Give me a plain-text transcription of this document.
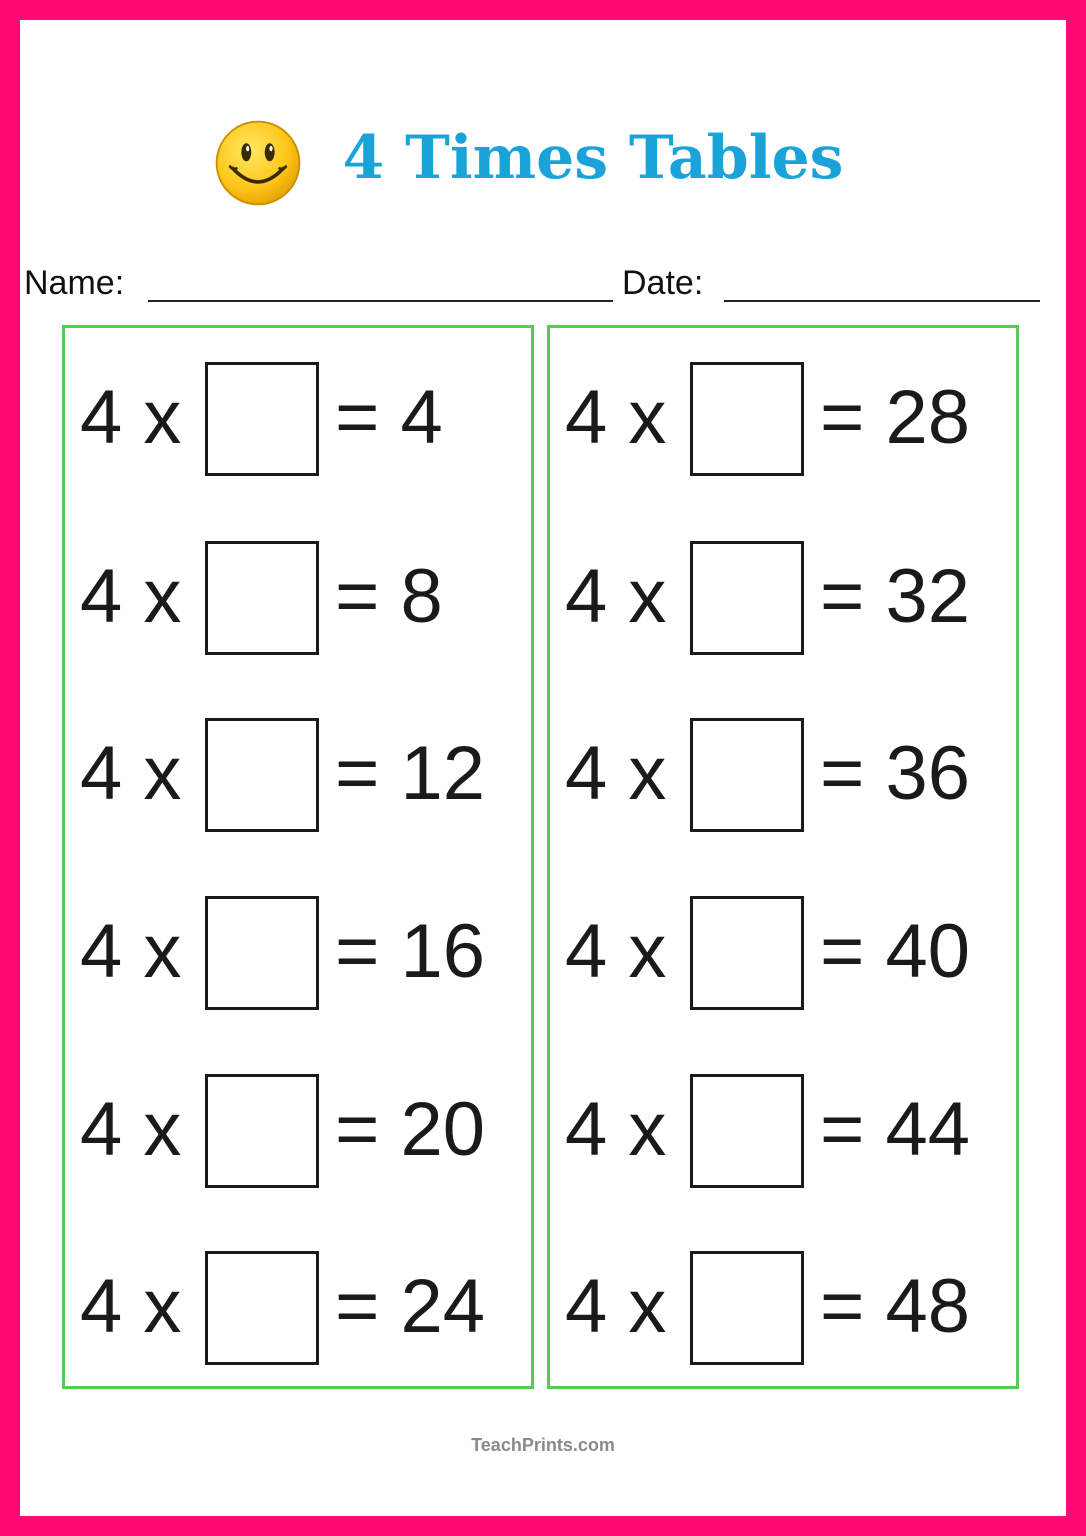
4 Times Tables
Name:	Date:
4 x = 4
4 x = 8
4 x = 12
4 x = 16
4 x = 20
4 x = 24
4 x = 28
4 x = 32
4 x = 36
4 x = 40
4 x = 44
4 x = 48
TeachPrints.com
